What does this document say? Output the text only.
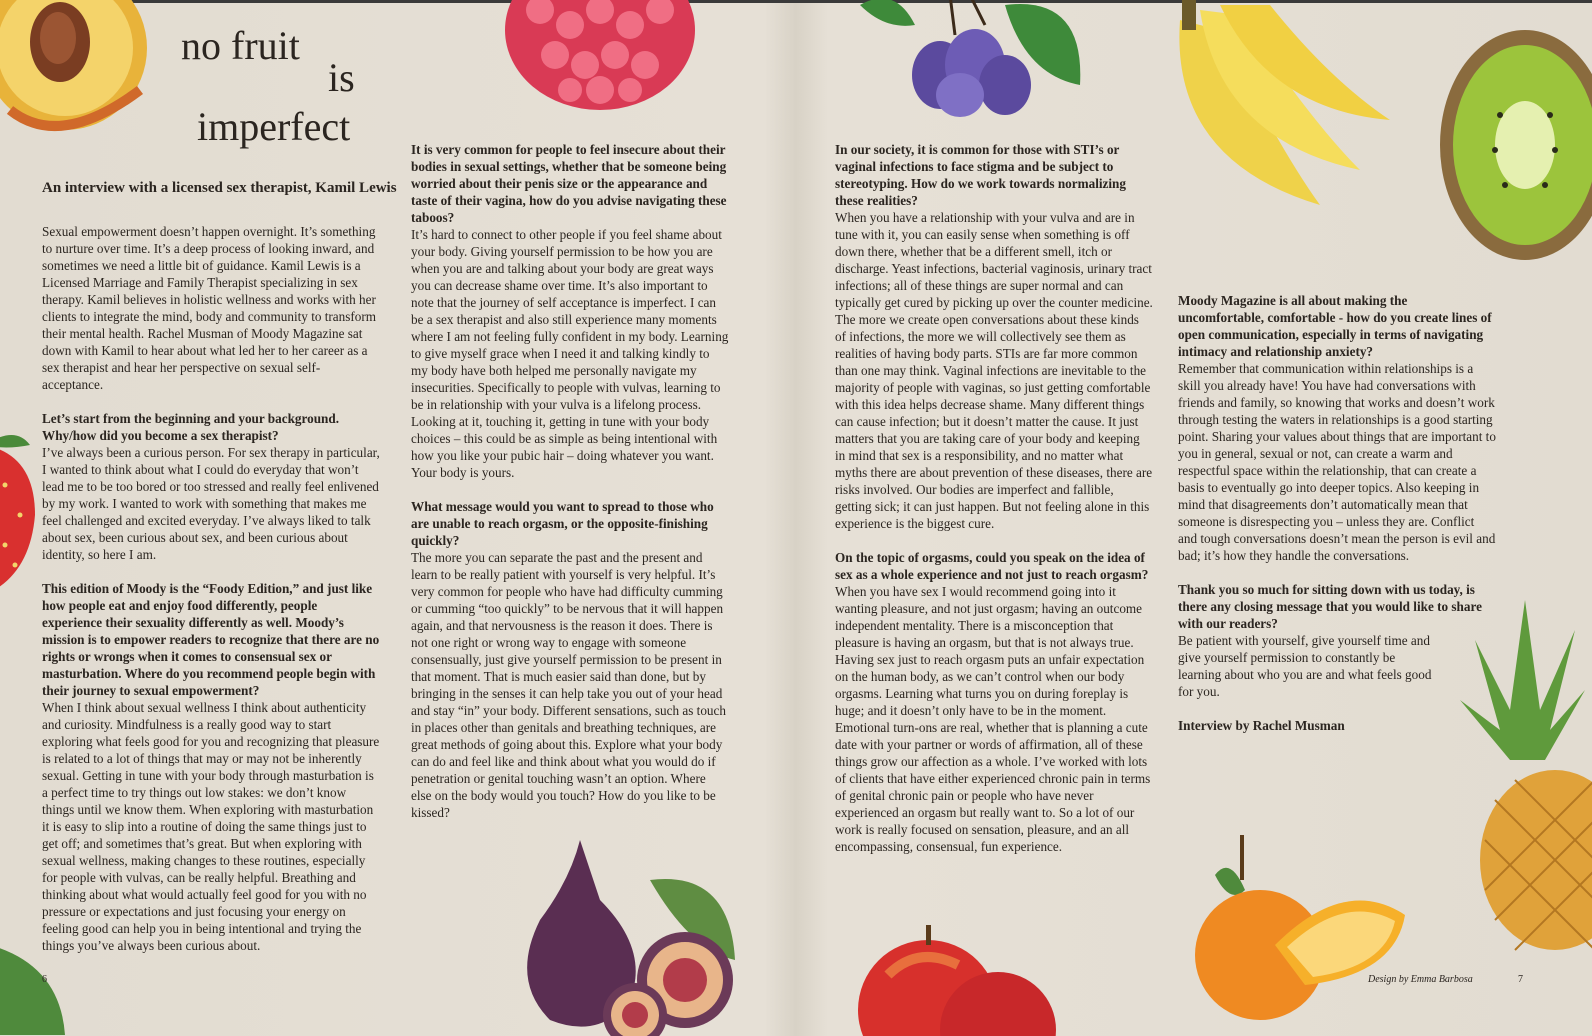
no fruit
is
imperfect
An interview with a licensed sex therapist, Kamil Lewis

Sexual empowerment doesn’t happen overnight. It’s something to nurture over time. It’s a deep process of looking inward, and sometimes we need a little bit of guidance. Kamil Lewis is a Licensed Marriage and Family Therapist specializing in sex therapy. Kamil believes in holistic wellness and works with her clients to integrate the mind, body and community to transform their mental health. Rachel Musman of Moody Magazine sat down with Kamil to hear about what led her to her career as a sex therapist and hear her perspective on sexual self-acceptance.

Let’s start from the beginning and your background. Why/how did you become a sex therapist?

I’ve always been a curious person. For sex therapy in particular, I wanted to think about what I could do everyday that won’t lead me to be too bored or too stressed and really feel enlivened by my work. I wanted to work with something that makes me feel challenged and excited everyday. I’ve always liked to talk about sex, been curious about sex, and been curious about identity, so here I am.

This edition of Moody is the “Foody Edition,” and just like how people eat and enjoy food differently, people experience their sexuality differently as well. Moody’s mission is to empower readers to recognize that there are no rights or wrongs when it comes to consensual sex or masturbation. Where do you recommend people begin with their journey to sexual empowerment?

When I think about sexual wellness I think about authenticity and curiosity. Mindfulness is a really good way to start exploring what feels good for you and recognizing that pleasure is related to a lot of things that may or may not be inherently sexual. Getting in tune with your body through masturbation is a perfect time to try things out low stakes: we don’t know things until we know them. When exploring with masturbation it is easy to slip into a routine of doing the same things just to get off; and sometimes that’s great. But when exploring with sexual wellness, making changes to these routines, especially for people with vulvas, can be really helpful. Breathing and thinking about what would actually feel good for you with no pressure or expectations and just focusing your energy on feeling good can help you in being intentional and trying the things you’ve always been curious about.

It is very common for people to feel insecure about their bodies in sexual settings, whether that be someone being worried about their penis size or the appearance and taste of their vagina, how do you advise navigating these taboos?

It’s hard to connect to other people if you feel shame about your body. Giving yourself permission to be how you are when you are and talking about your body are great ways you can decrease shame over time. It’s also important to note that the journey of self acceptance is imperfect. I can be a sex therapist and also still experience many moments where I am not feeling fully confident in my body. Learning to give myself grace when I need it and talking kindly to my body have both helped me personally navigate my insecurities. Specifically to people with vulvas, learning to be in relationship with your vulva is a lifelong process. Looking at it, touching it, getting in tune with your body choices – this could be as simple as being intentional with how you like your pubic hair – doing whatever you want. Your body is yours.

What message would you want to spread to those who are unable to reach orgasm, or the opposite-finishing quickly?

The more you can separate the past and the present and learn to be really patient with yourself is very helpful. It’s very common for people who have had difficulty cumming or cumming “too quickly” to be nervous that it will happen again, and that nervousness is the reason it does. There is not one right or wrong way to engage with someone consensually, just give yourself permission to be present in that moment. That is much easier said than done, but by bringing in the senses it can help take you out of your head and stay “in” your body. Different sensations, such as touch in places other than genitals and breathing techniques, are great methods of going about this. Explore what your body can do and feel like and think about what you would do if penetration or genital touching wasn’t an option. Where else on the body would you touch? How do you like to be kissed?

In our society, it is common for those with STI’s or vaginal infections to face stigma and be subject to stereotyping. How do we work towards normalizing these realities?

When you have a relationship with your vulva and are in tune with it, you can easily sense when something is off down there, whether that be a different smell, itch or discharge. Yeast infections, bacterial vaginosis, urinary tract infections; all of these things are super normal and can typically get cured by picking up over the counter medicine.

The more we create open conversations about these kinds of infections, the more we will collectively see them as realities of having body parts. STIs are far more common than one may think. Vaginal infections are inevitable to the majority of people with vaginas, so just getting comfortable with this idea helps decrease shame. Many different things can cause infection; but it doesn’t matter the cause. It just matters that you are taking care of your body and keeping in mind that sex is a responsibility, and no matter what myths there are about prevention of these diseases, there are risks involved. Our bodies are imperfect and fallible, getting sick; it can just happen. But not feeling alone in this experience is the biggest cure.

On the topic of orgasms, could you speak on the idea of sex as a whole experience and not just to reach orgasm?

When you have sex I would recommend going into it wanting pleasure, and not just orgasm; having an outcome independent mentality. There is a misconception that pleasure is having an orgasm, but that is not always true. Having sex just to reach orgasm puts an unfair expectation on the human body, as we can’t control when our body orgasms. Learning what turns you on during foreplay is huge; and it doesn’t only have to be in the moment. Emotional turn-ons are real, whether that is planning a cute date with your partner or words of affirmation, all of these things grow our affection as a whole. I’ve worked with lots of clients that have either experienced chronic pain in terms of genital chronic pain or people who have never experienced an orgasm but really want to. So a lot of our work is really focused on sensation, pleasure, and an all encompassing, consensual, fun experience.

Moody Magazine is all about making the uncomfortable, comfortable - how do you create lines of open communication, especially in terms of navigating intimacy and relationship anxiety?

Remember that communication within relationships is a skill you already have! You have had conversations with friends and family, so knowing that works and doesn’t work through testing the waters in relationships is a good starting point. Sharing your values about things that are important to you in general, sexual or not, can create a warm and respectful space within the relationship, that can create a basis to eventually go into deeper topics. Also keeping in mind that disagreements don’t automatically mean that someone is disrespecting you – unless they are. Conflict and tough conversations doesn’t mean the person is evil and bad; it’s how they handle the conversations.

Thank you so much for sitting down with us today, is there any closing message that you would like to share with our readers?

Be patient with yourself, give yourself time and give yourself permission to constantly be learning about who you are and what feels good for you.

Interview by Rachel Musman

6	Design by Emma Barbosa	7
